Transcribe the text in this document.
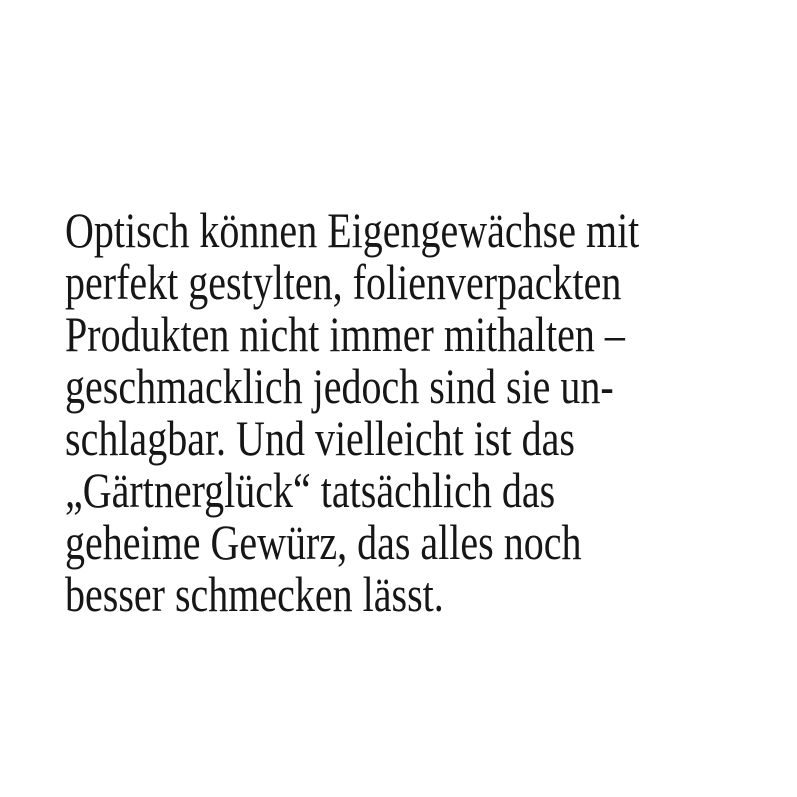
Optisch können Eigengewächse mit
perfekt gestylten, folienverpackten
Produkten nicht immer mithalten –
geschmacklich jedoch sind sie un-
schlagbar. Und vielleicht ist das
„Gärtnerglück“ tatsächlich das
geheime Gewürz, das alles noch
besser schmecken lässt.
